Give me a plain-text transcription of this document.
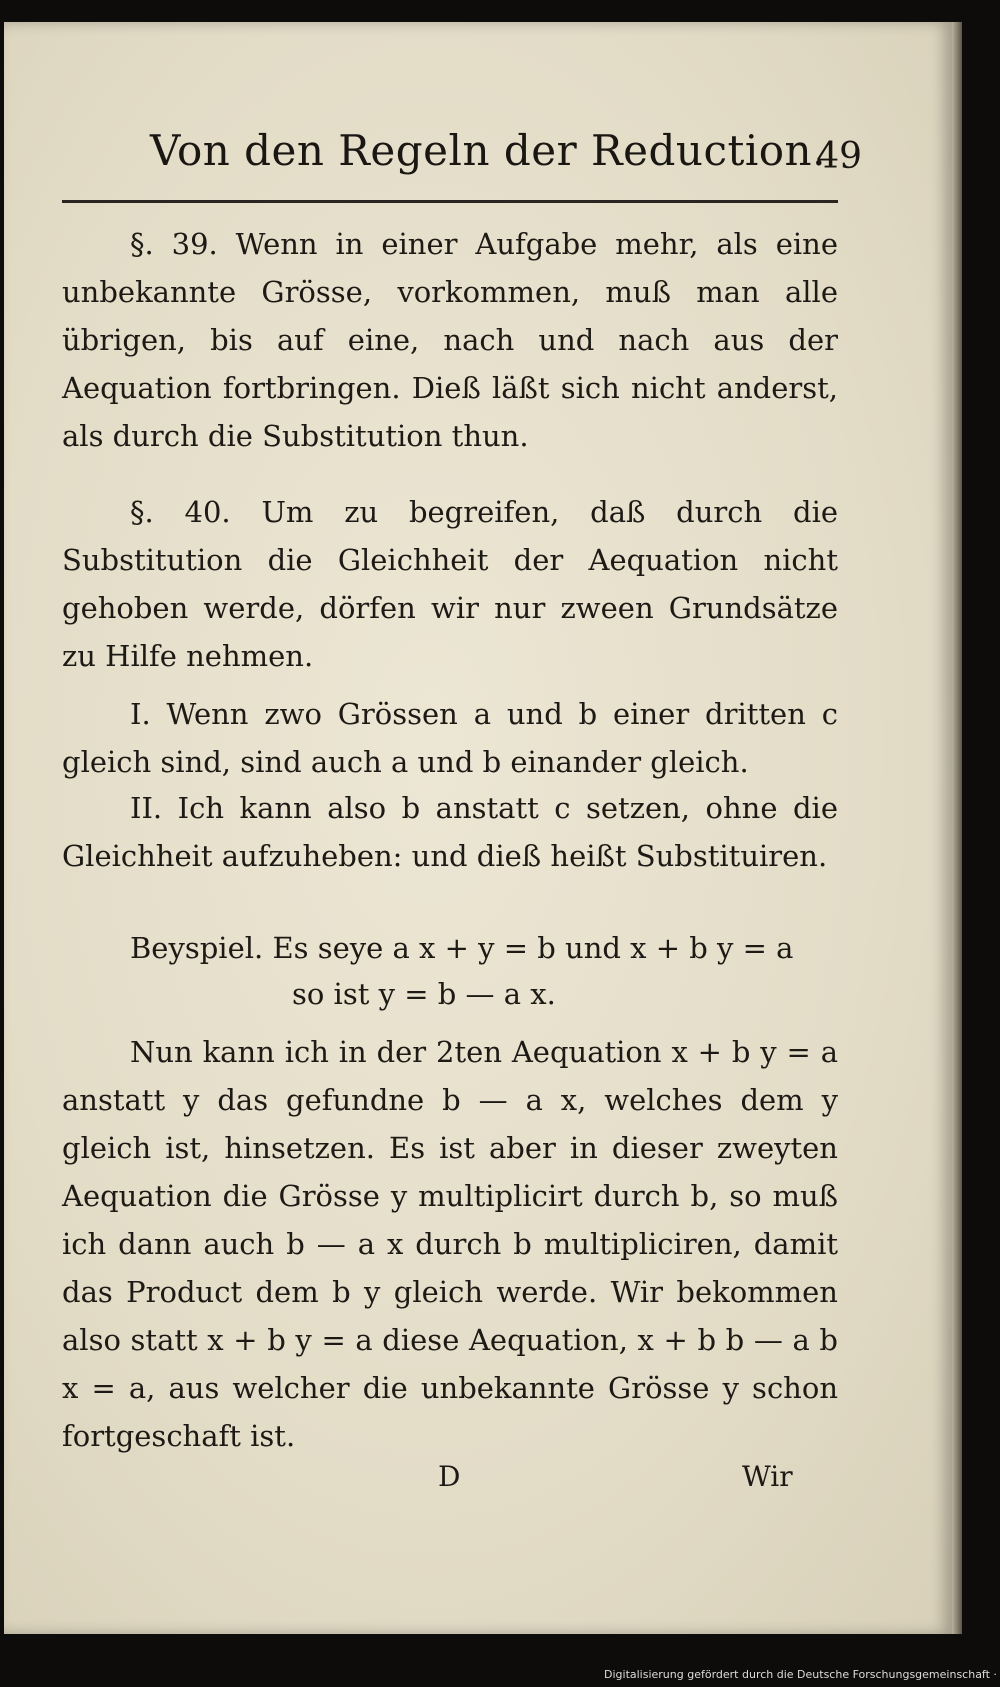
Von den Regeln der Reduction.
49

§. 39. Wenn in einer Aufgabe mehr, als eine unbekannte Grösse, vorkommen, muß man alle übrigen, bis auf eine, nach und nach aus der Aequation fortbringen. Dieß läßt sich nicht anderst, als durch die Substitution thun.

§. 40. Um zu begreifen, daß durch die Substitution die Gleichheit der Aequation nicht gehoben werde, dörfen wir nur zween Grundsätze zu Hilfe nehmen.

I. Wenn zwo Grössen a und b einer dritten c gleich sind, sind auch a und b einander gleich.

II. Ich kann also b anstatt c setzen, ohne die Gleichheit aufzuheben: und dieß heißt Substituiren.

Beyspiel. Es seye a x + y = b und x + b y = a
so ist y = b — a x.

Nun kann ich in der 2ten Aequation x + b y = a anstatt y das gefundne b — a x, welches dem y gleich ist, hinsetzen. Es ist aber in dieser zweyten Aequation die Grösse y multiplicirt durch b, so muß ich dann auch b — a x durch b multipliciren, damit das Product dem b y gleich werde. Wir bekommen also statt x + b y = a diese Aequation, x + b b — a b x = a, aus welcher die unbekannte Grösse y schon fortgeschaft ist.

D	Wir
Digitalisierung gefördert durch die Deutsche Forschungsgemeinschaft ·
